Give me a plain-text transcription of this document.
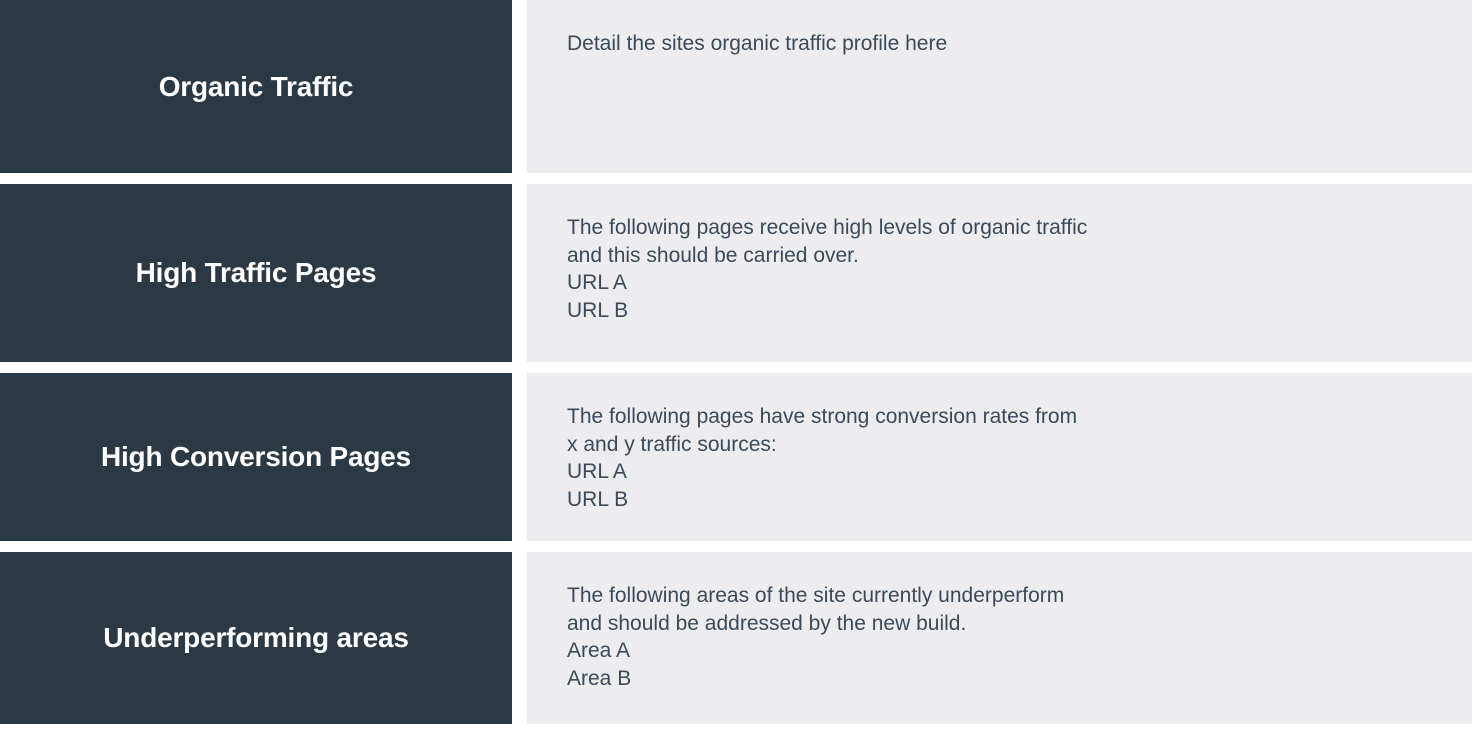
Organic Traffic
Detail the sites organic traffic profile here
High Traffic Pages
The following pages receive high levels of organic traffic
and this should be carried over.
URL A
URL B
High Conversion Pages
The following pages have strong conversion rates from
x and y traffic sources:
URL A
URL B
Underperforming areas
The following areas of the site currently underperform
and should be addressed by the new build.
Area A
Area B
